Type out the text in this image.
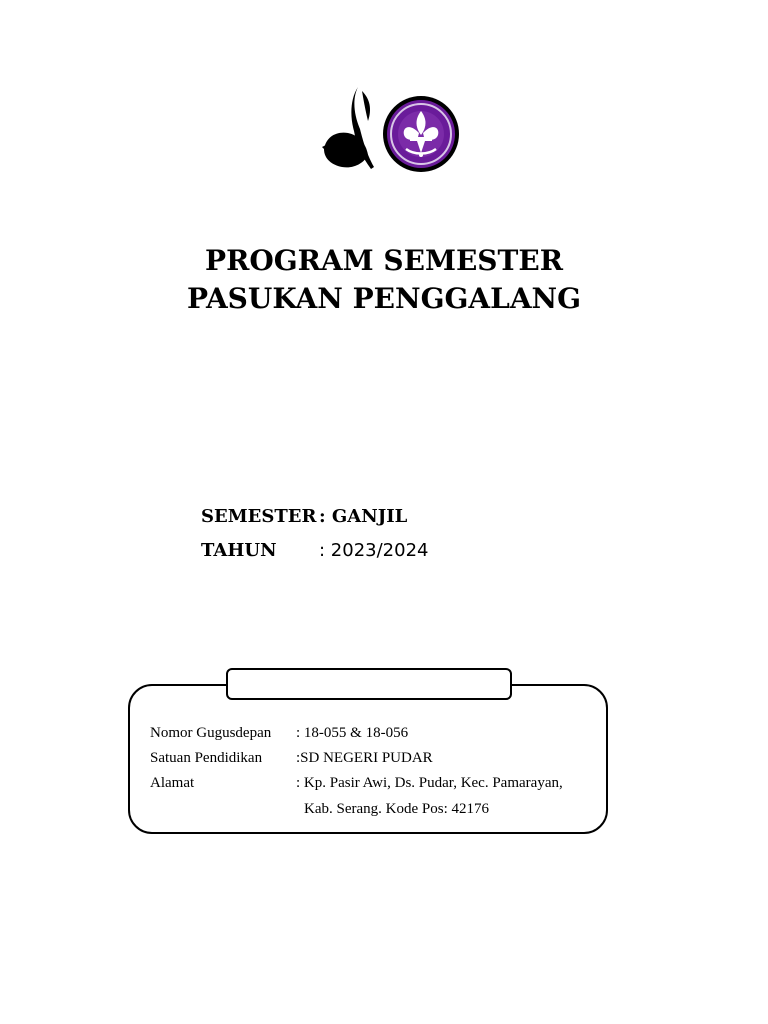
PROGRAM SEMESTER
PASUKAN PENGGALANG
SEMESTER : GANJIL
TAHUN : 2023/2024
Nomor Gugusdepan : 18-055 & 18-056
Satuan Pendidikan :SD NEGERI PUDAR
Alamat	: Kp. Pasir Awi, Ds. Pudar, Kec. Pamarayan,
Kab. Serang. Kode Pos: 42176
